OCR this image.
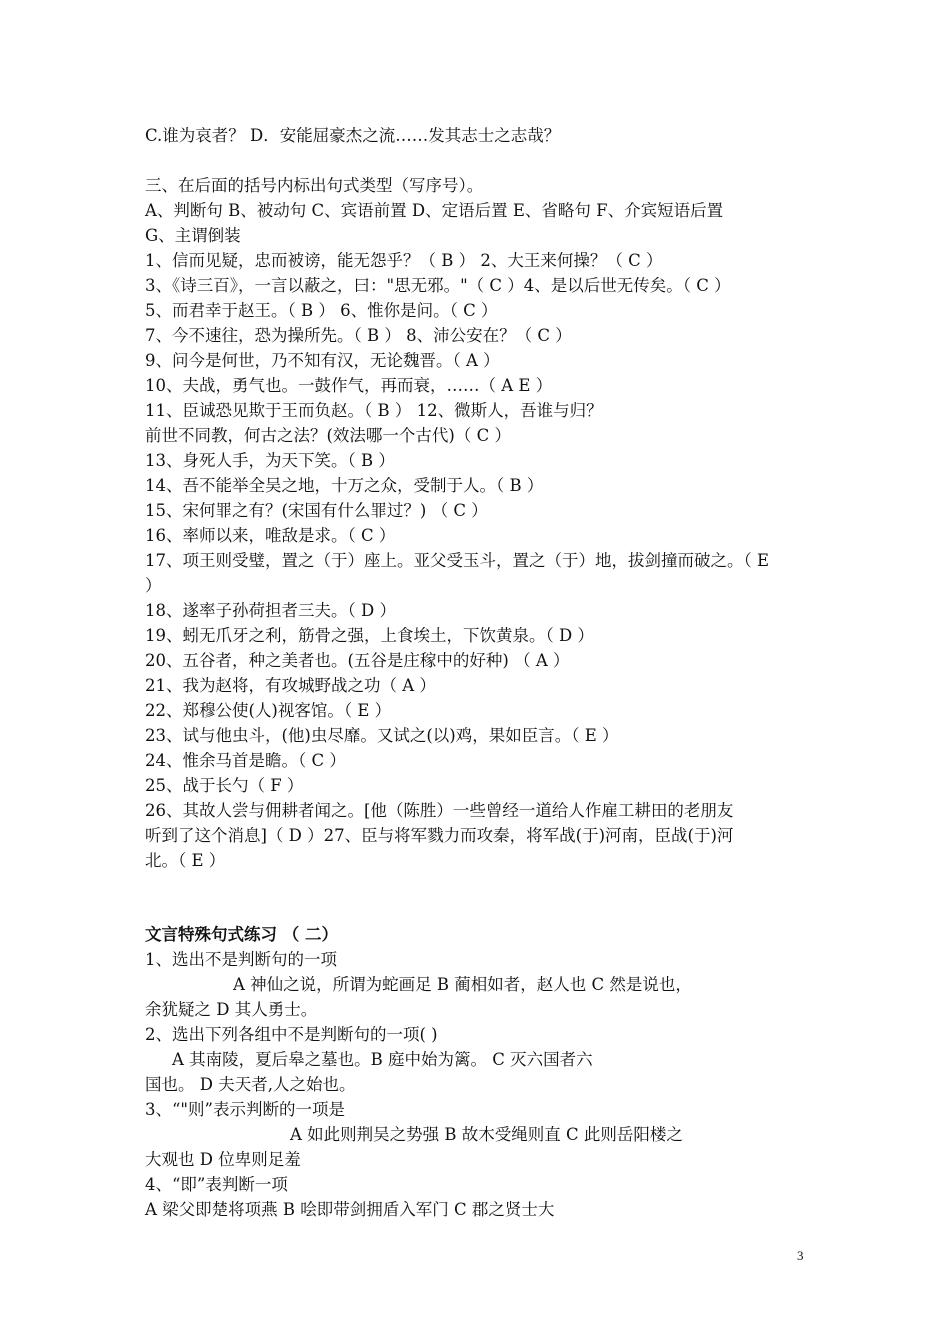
C.谁为哀者？ D．安能屈豪杰之流……发其志士之志哉？
三、在后面的括号内标出句式类型（写序号）。
A、判断句 B、被动句 C、宾语前置 D、定语后置 E、省略句 F、介宾短语后置
G、主谓倒装
1、信而见疑，忠而被谤，能无怨乎？（ B ） 2、大王来何操？（ C ）
3、《诗三百》，一言以蔽之，曰："思无邪。"（ C ）4、是以后世无传矣。（ C ）
5、而君幸于赵王。（ B ） 6、惟你是问。（ C ）
7、今不速往，恐为操所先。（ B ） 8、沛公安在？（ C ）
9、问今是何世，乃不知有汉，无论魏晋。（ A ）
10、夫战，勇气也。一鼓作气，再而衰，……（ A E ）
11、臣诚恐见欺于王而负赵。（ B ） 12、微斯人，吾谁与归？
前世不同教，何古之法？(效法哪一个古代)（ C ）
13、身死人手，为天下笑。（ B ）
14、吾不能举全吴之地，十万之众，受制于人。（ B ）
15、宋何罪之有？(宋国有什么罪过？) （ C ）
16、率师以来，唯敌是求。（ C ）
17、项王则受璧，置之（于）座上。亚父受玉斗，置之（于）地，拔剑撞而破之。（ E
）
18、遂率子孙荷担者三夫。（ D ）
19、蚓无爪牙之利，筋骨之强，上食埃土，下饮黄泉。（ D ）
20、五谷者，种之美者也。(五谷是庄稼中的好种) （ A ）
21、我为赵将，有攻城野战之功（ A ）
22、郑穆公使(人)视客馆。（ E ）
23、试与他虫斗，(他)虫尽靡。又试之(以)鸡，果如臣言。（ E ）
24、惟余马首是瞻。（ C ）
25、战于长勺（ F ）
26、其故人尝与佣耕者闻之。[他（陈胜）一些曾经一道给人作雇工耕田的老朋友
听到了这个消息]（ D ）27、臣与将军戮力而攻秦，将军战(于)河南，臣战(于)河
北。（ E ）
文言特殊句式练习 （ 二）
1、选出不是判断句的一项
A 神仙之说，所谓为蛇画足 B 蔺相如者，赵人也 C 然是说也，
余犹疑之 D 其人勇士。
2、选出下列各组中不是判断句的一项( )
A 其南陵，夏后皋之墓也。B 庭中始为篱。 C 灭六国者六
国也。 D 夫天者,人之始也。
3、“"则”表示判断的一项是
A 如此则荆吴之势强 B 故木受绳则直 C 此则岳阳楼之
大观也 D 位卑则足羞
4、“即”表判断一项
A 梁父即楚将项燕 B 哙即带剑拥盾入军门 C 郡之贤士大
3
